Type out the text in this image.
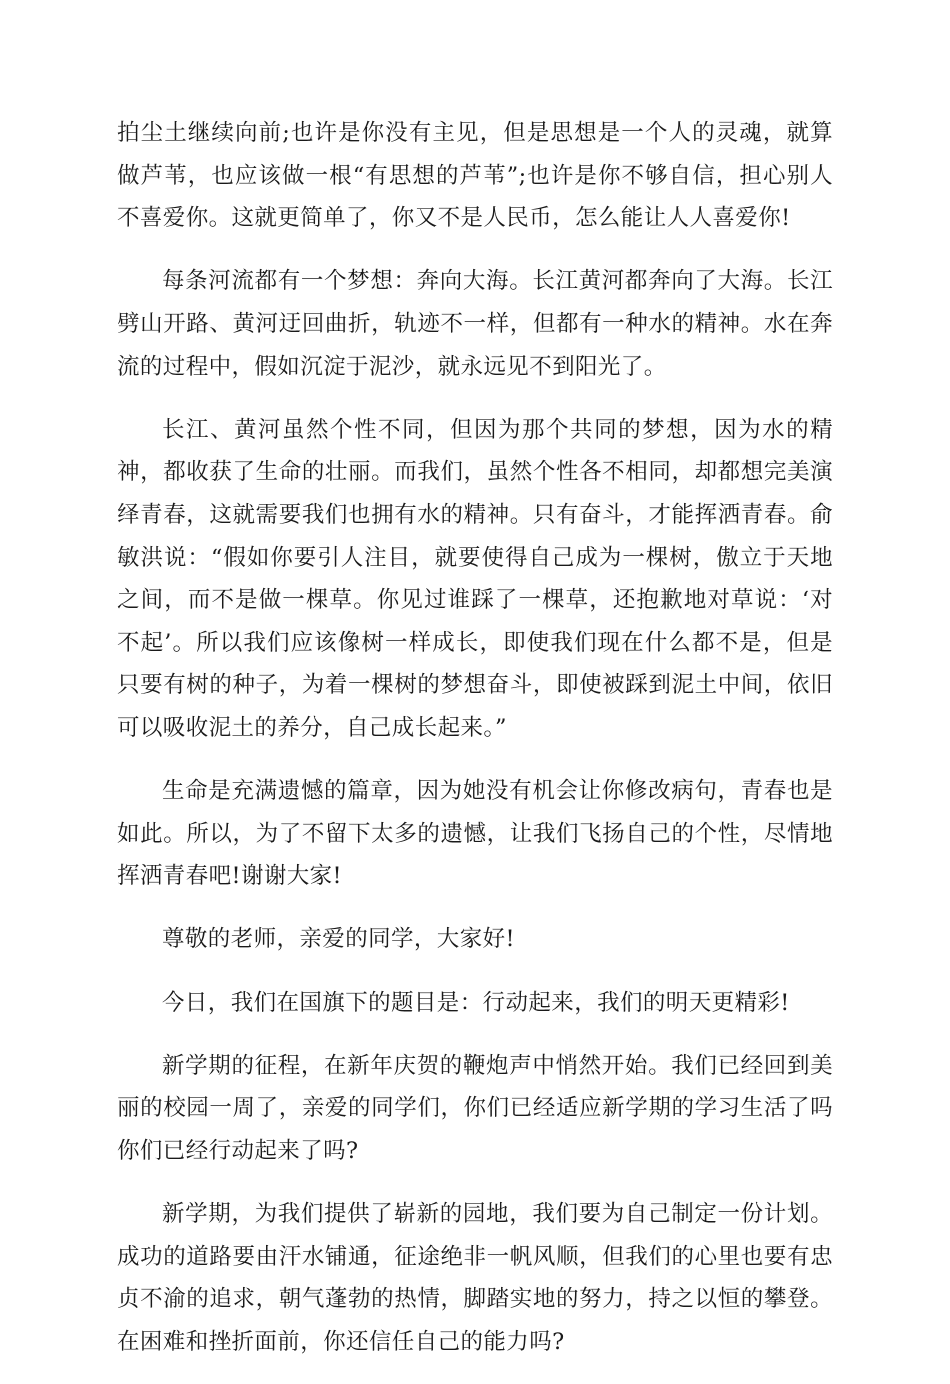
拍尘土继续向前;也许是你没有主见，但是思想是一个人的灵魂，就算做芦苇，也应该做一根“有思想的芦苇”;也许是你不够自信，担心别人不喜爱你。这就更简单了，你又不是人民币，怎么能让人人喜爱你!

每条河流都有一个梦想：奔向大海。长江黄河都奔向了大海。长江劈山开路、黄河迂回曲折，轨迹不一样，但都有一种水的精神。水在奔流的过程中，假如沉淀于泥沙，就永远见不到阳光了。

长江、黄河虽然个性不同，但因为那个共同的梦想，因为水的精神，都收获了生命的壮丽。而我们，虽然个性各不相同，却都想完美演绎青春，这就需要我们也拥有水的精神。只有奋斗，才能挥洒青春。俞敏洪说：“假如你要引人注目，就要使得自己成为一棵树，傲立于天地之间，而不是做一棵草。你见过谁踩了一棵草，还抱歉地对草说：‘对不起’。所以我们应该像树一样成长，即使我们现在什么都不是，但是只要有树的种子，为着一棵树的梦想奋斗，即使被踩到泥土中间，依旧可以吸收泥土的养分，自己成长起来。”

生命是充满遗憾的篇章，因为她没有机会让你修改病句，青春也是如此。所以，为了不留下太多的遗憾，让我们飞扬自己的个性，尽情地挥洒青春吧!谢谢大家!

尊敬的老师，亲爱的同学，大家好!

今日，我们在国旗下的题目是：行动起来，我们的明天更精彩!

新学期的征程，在新年庆贺的鞭炮声中悄然开始。我们已经回到美丽的校园一周了，亲爱的同学们，你们已经适应新学期的学习生活了吗你们已经行动起来了吗?

新学期，为我们提供了崭新的园地，我们要为自己制定一份计划。成功的道路要由汗水铺通，征途绝非一帆风顺，但我们的心里也要有忠贞不渝的追求，朝气蓬勃的热情，脚踏实地的努力，持之以恒的攀登。在困难和挫折面前，你还信任自己的能力吗?
